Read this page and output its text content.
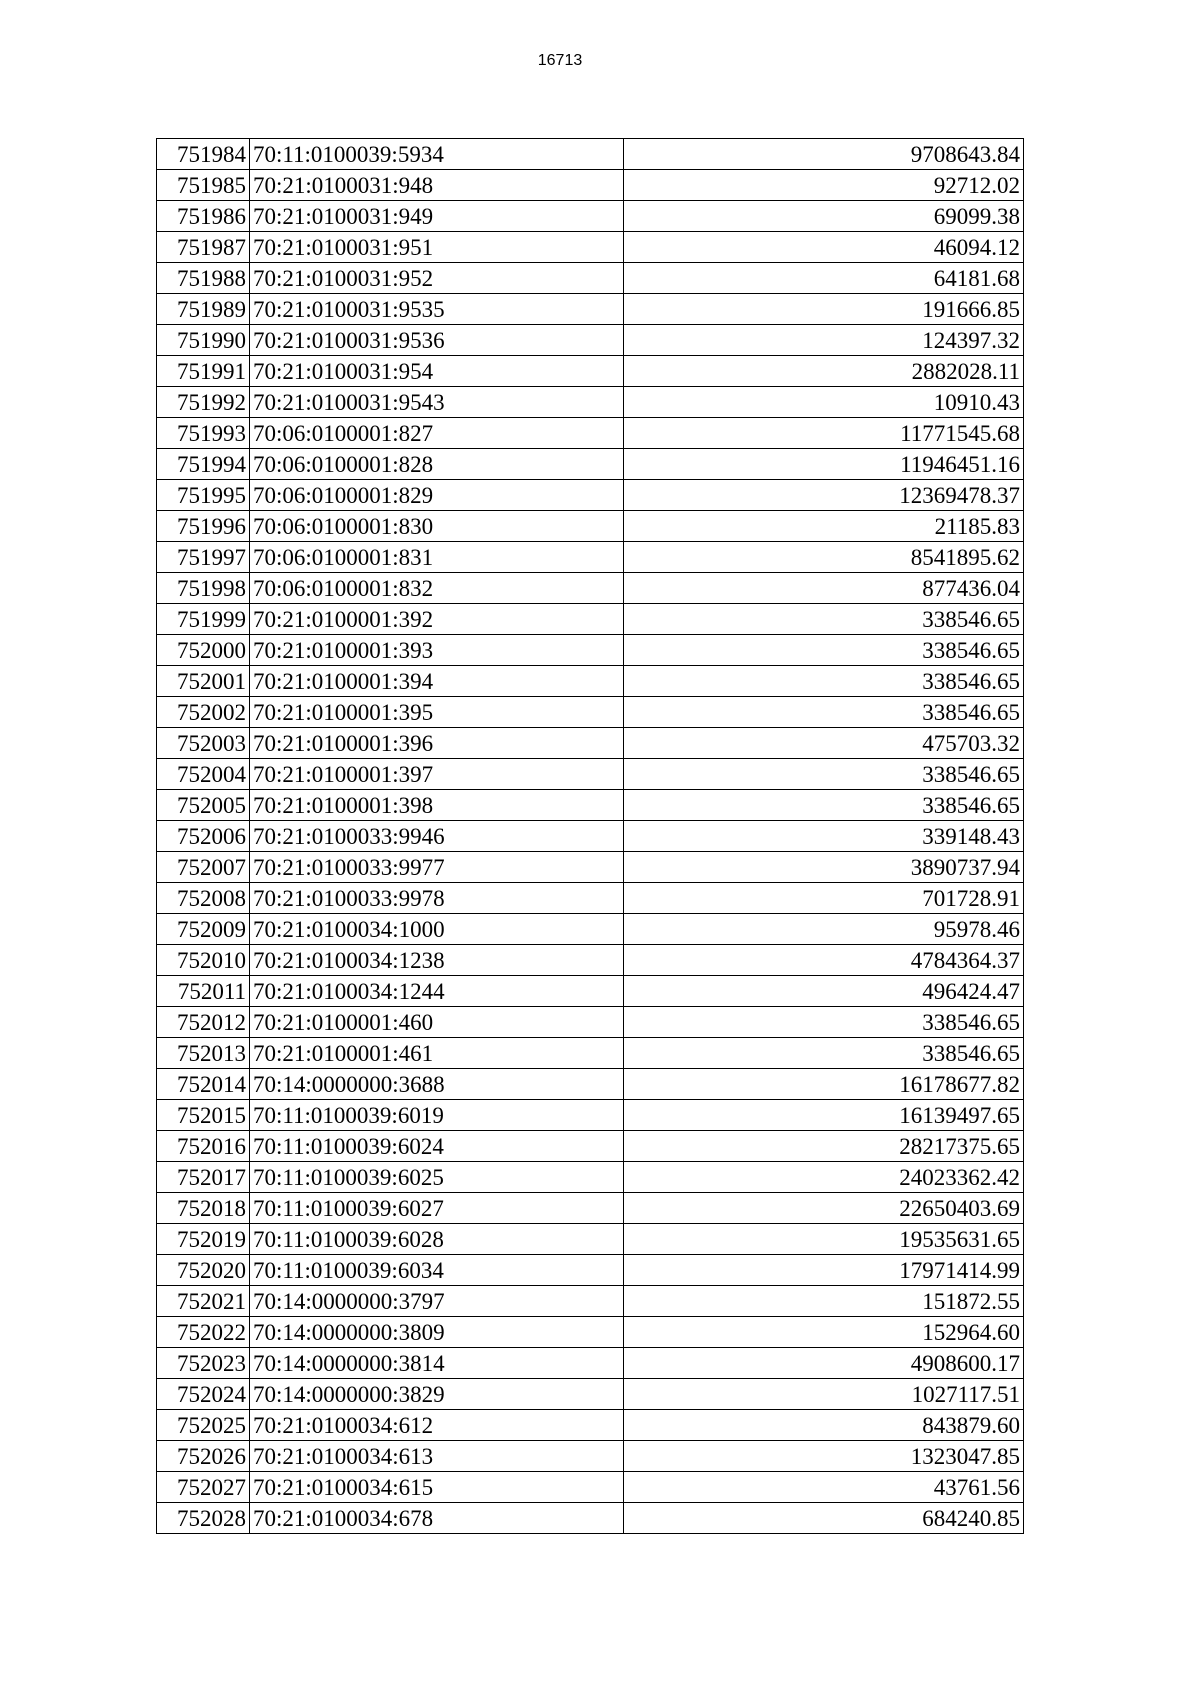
16713
751984	70:11:0100039:5934	9708643.84
751985	70:21:0100031:948	92712.02
751986	70:21:0100031:949	69099.38
751987	70:21:0100031:951	46094.12
751988	70:21:0100031:952	64181.68
751989	70:21:0100031:9535	191666.85
751990	70:21:0100031:9536	124397.32
751991	70:21:0100031:954	2882028.11
751992	70:21:0100031:9543	10910.43
751993	70:06:0100001:827	11771545.68
751994	70:06:0100001:828	11946451.16
751995	70:06:0100001:829	12369478.37
751996	70:06:0100001:830	21185.83
751997	70:06:0100001:831	8541895.62
751998	70:06:0100001:832	877436.04
751999	70:21:0100001:392	338546.65
752000	70:21:0100001:393	338546.65
752001	70:21:0100001:394	338546.65
752002	70:21:0100001:395	338546.65
752003	70:21:0100001:396	475703.32
752004	70:21:0100001:397	338546.65
752005	70:21:0100001:398	338546.65
752006	70:21:0100033:9946	339148.43
752007	70:21:0100033:9977	3890737.94
752008	70:21:0100033:9978	701728.91
752009	70:21:0100034:1000	95978.46
752010	70:21:0100034:1238	4784364.37
752011	70:21:0100034:1244	496424.47
752012	70:21:0100001:460	338546.65
752013	70:21:0100001:461	338546.65
752014	70:14:0000000:3688	16178677.82
752015	70:11:0100039:6019	16139497.65
752016	70:11:0100039:6024	28217375.65
752017	70:11:0100039:6025	24023362.42
752018	70:11:0100039:6027	22650403.69
752019	70:11:0100039:6028	19535631.65
752020	70:11:0100039:6034	17971414.99
752021	70:14:0000000:3797	151872.55
752022	70:14:0000000:3809	152964.60
752023	70:14:0000000:3814	4908600.17
752024	70:14:0000000:3829	1027117.51
752025	70:21:0100034:612	843879.60
752026	70:21:0100034:613	1323047.85
752027	70:21:0100034:615	43761.56
752028	70:21:0100034:678	684240.85
